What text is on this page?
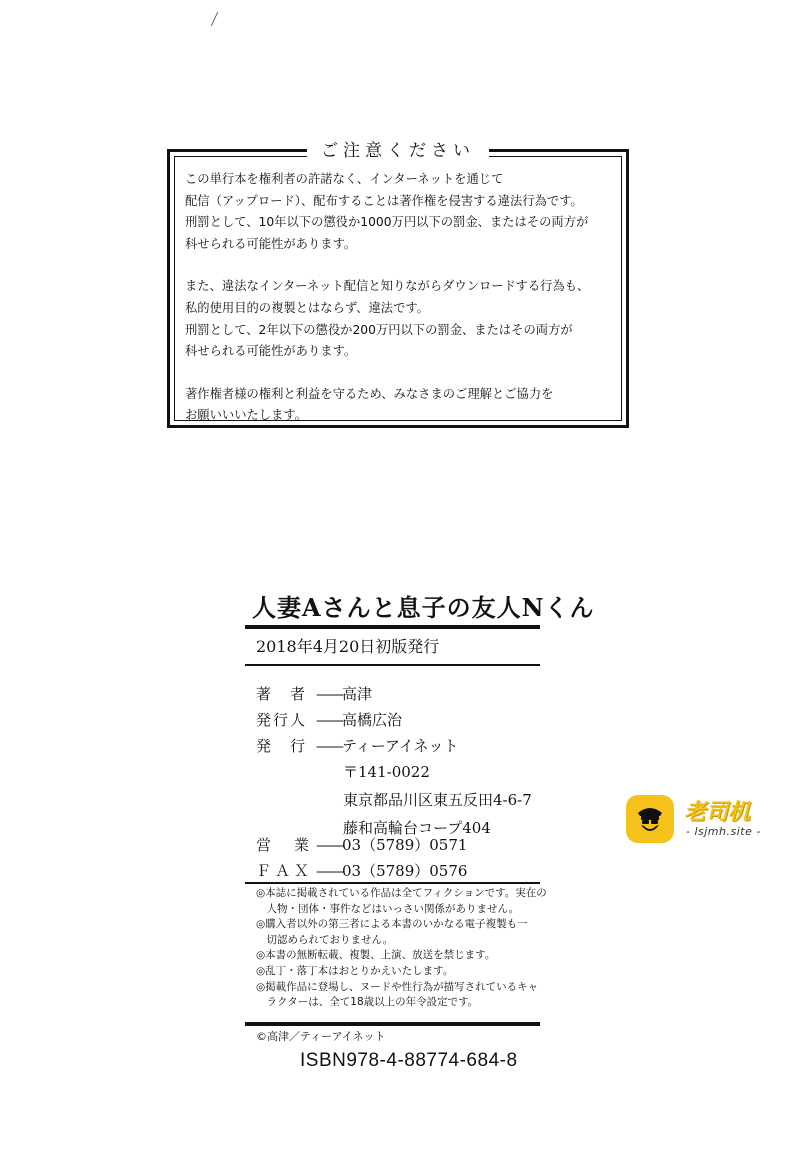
ご注意ください
この単行本を権利者の許諾なく、インターネットを通じて
配信（アップロード）、配布することは著作権を侵害する違法行為です。
刑罰として、10年以下の懲役か1000万円以下の罰金、またはその両方が
科せられる可能性があります。
また、違法なインターネット配信と知りながらダウンロードする行為も、
私的使用目的の複製とはならず、違法です。
刑罰として、2年以下の懲役か200万円以下の罰金、またはその両方が
科せられる可能性があります。
著作権者様の権利と利益を守るため、みなさまのご理解とご協力を
お願いいいたします。
人妻Aさんと息子の友人Nくん
2018年4月20日初版発行
著　者 —— 高津
発行人 —— 高橋広治
発　行 —— ティーアイネット
〒141-0022
東京都品川区東五反田4-6-7
藤和高輪台コープ404
営　業 —— 03（5789）0571
ＦＡＸ —— 03（5789）0576
◎本誌に掲載されている作品は全てフィクションです。実在の
　人物・団体・事件などはいっさい関係がありません。
◎購入者以外の第三者による本書のいかなる電子複製も一
　切認められておりません。
◎本書の無断転載、複製、上演、放送を禁じます。
◎乱丁・落丁本はおとりかえいたします。
◎掲載作品に登場し、ヌードや性行為が描写されているキャ
　ラクターは、全て18歳以上の年令設定です。
©高津／ティーアイネット
ISBN978-4-88774-684-8
老司机
- lsjmh.site -
